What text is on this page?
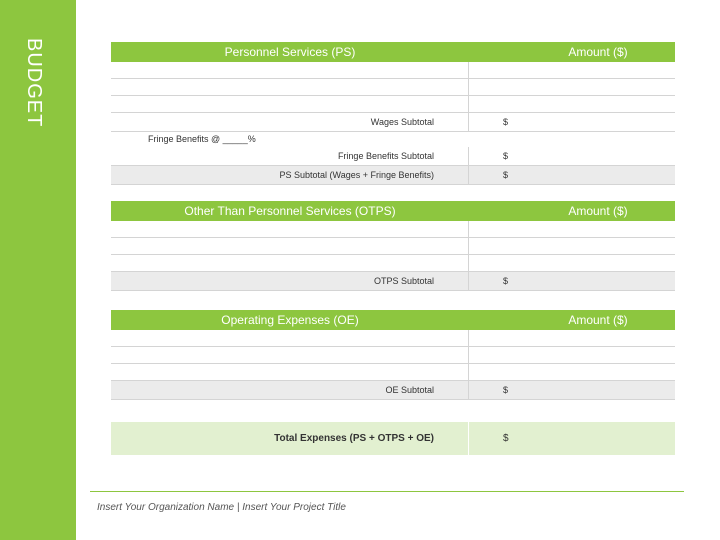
BUDGET	Personnel Services (PS)	Amount ($)
Wages Subtotal	$
Fringe Benefits @ _____%
Fringe Benefits Subtotal	$
PS Subtotal (Wages + Fringe Benefits)	$
Other Than Personnel Services (OTPS)	Amount ($)
OTPS Subtotal	$
Operating Expenses (OE)	Amount ($)
OE Subtotal	$
Total Expenses (PS + OTPS + OE)	$
Insert Your Organization Name | Insert Your Project Title
